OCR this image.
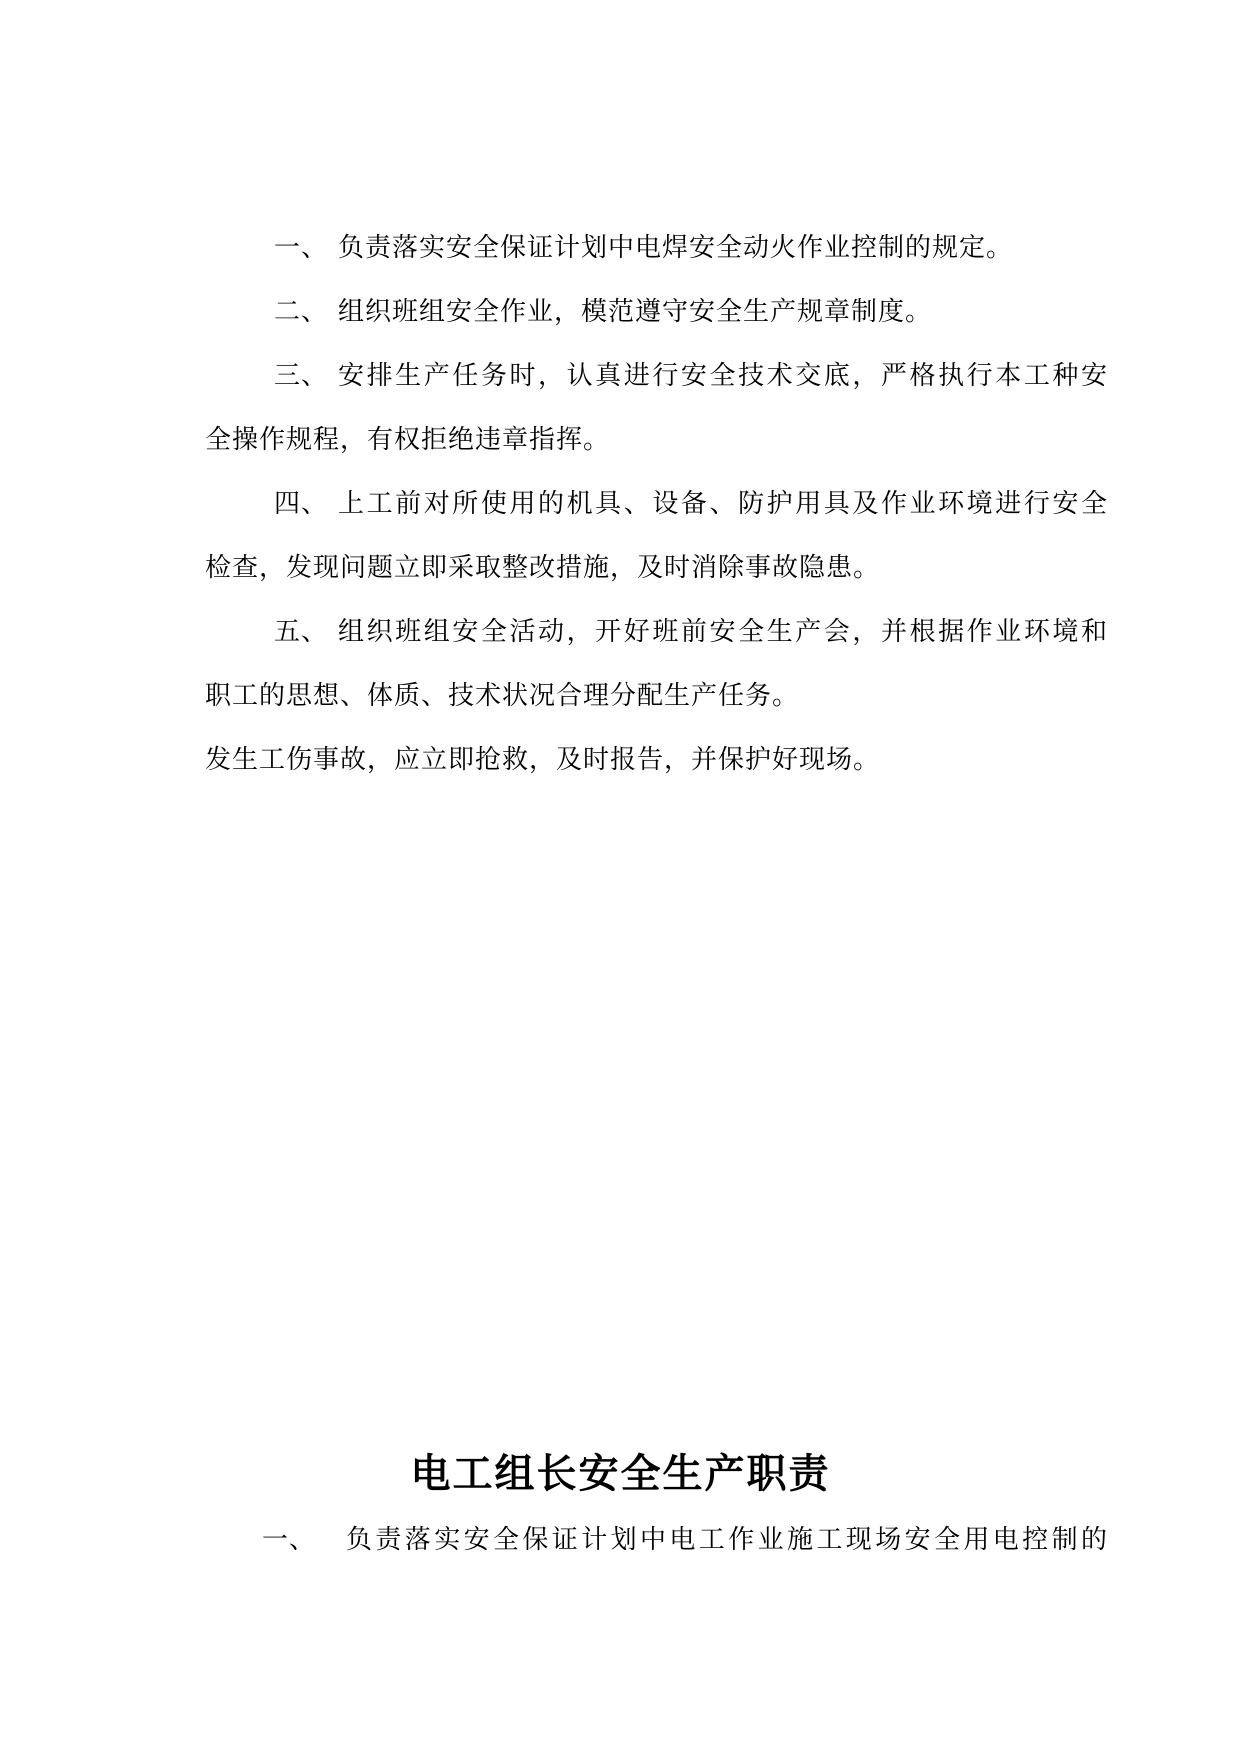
一、 负责落实安全保证计划中电焊安全动火作业控制的规定。
二、 组织班组安全作业，模范遵守安全生产规章制度。
三、 安排生产任务时，认真进行安全技术交底，严格执行本工种安
全操作规程，有权拒绝违章指挥。
四、 上工前对所使用的机具、设备、防护用具及作业环境进行安全
检查，发现问题立即采取整改措施，及时消除事故隐患。
五、 组织班组安全活动，开好班前安全生产会，并根据作业环境和
职工的思想、体质、技术状况合理分配生产任务。
发生工伤事故，应立即抢救，及时报告，并保护好现场。
电工组长安全生产职责
一、 负责落实安全保证计划中电工作业施工现场安全用电控制的
